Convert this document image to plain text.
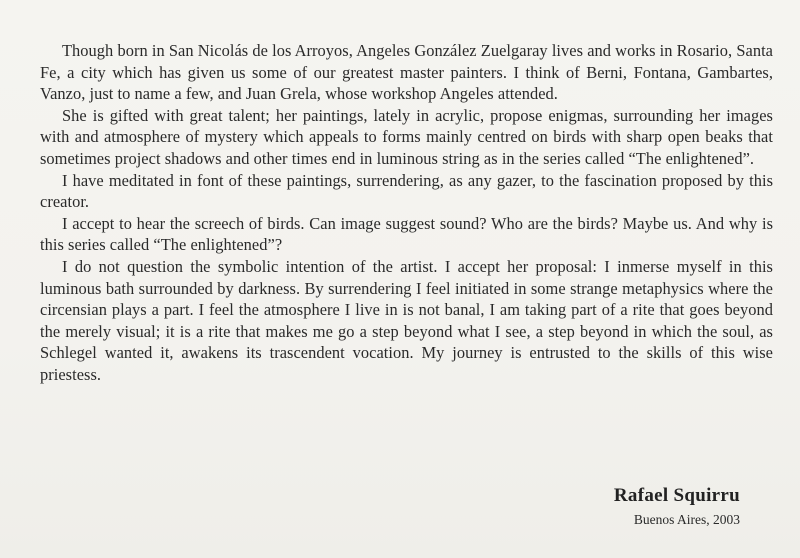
Though born in San Nicolás de los Arroyos, Angeles González Zuelgaray lives and works in Rosario, Santa Fe, a city which has given us some of our greatest master painters. I think of Berni, Fontana, Gambartes, Vanzo, just to name a few, and Juan Grela, whose workshop Angeles attended.

She is gifted with great talent; her paintings, lately in acrylic, propose enigmas, surrounding her images with and atmosphere of mystery which appeals to forms mainly centred on birds with sharp open beaks that sometimes project shadows and other times end in luminous string as in the series called “The enlightened”.

I have meditated in font of these paintings, surrendering, as any gazer, to the fascination proposed by this creator.

I accept to hear the screech of birds. Can image suggest sound? Who are the birds? Maybe us. And why is this series called “The enlightened”?

I do not question the symbolic intention of the artist. I accept her proposal: I inmerse myself in this luminous bath surrounded by darkness. By surrendering I feel initiated in some strange metaphysics where the circensian plays a part. I feel the atmosphere I live in is not banal, I am taking part of a rite that goes beyond the merely visual; it is a rite that makes me go a step beyond what I see, a step beyond in which the soul, as Schlegel wanted it, awakens its trascendent vocation. My journey is entrusted to the skills of this wise priestess.

Rafael Squirru
Buenos Aires, 2003
